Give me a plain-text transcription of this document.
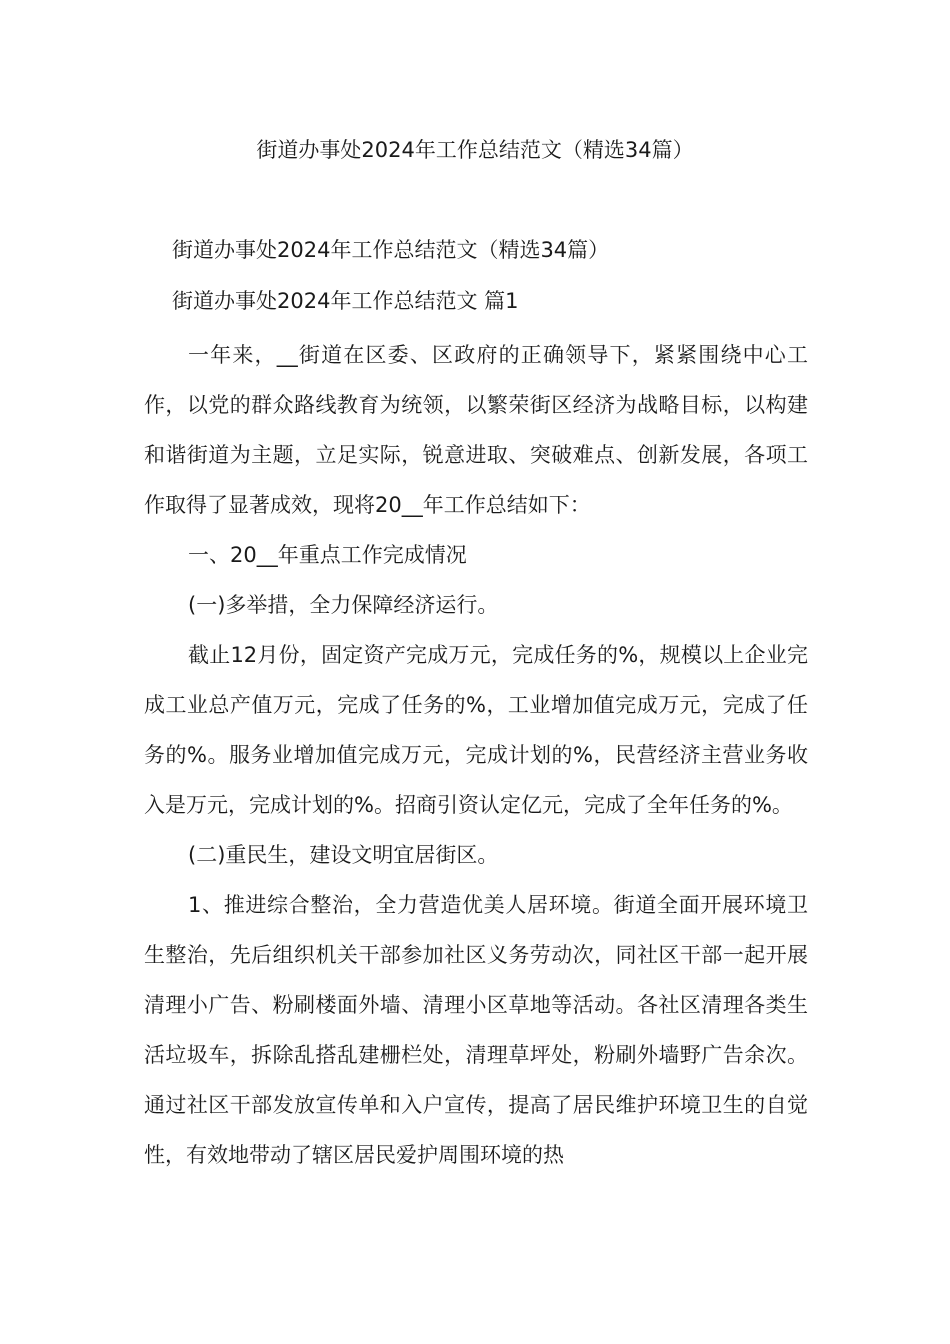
街道办事处2024年工作总结范文（精选34篇）
街道办事处2024年工作总结范文（精选34篇）
街道办事处2024年工作总结范文 篇1

一年来，__街道在区委、区政府的正确领导下，紧紧围绕中心工作，以党的群众路线教育为统领，以繁荣街区经济为战略目标，以构建和谐街道为主题，立足实际，锐意进取、突破难点、创新发展，各项工作取得了显著成效，现将20__年工作总结如下：

一、20__年重点工作完成情况

(一)多举措，全力保障经济运行。

截止12月份，固定资产完成万元，完成任务的%，规模以上企业完成工业总产值万元，完成了任务的%，工业增加值完成万元，完成了任务的%。服务业增加值完成万元，完成计划的%，民营经济主营业务收入是万元，完成计划的%。招商引资认定亿元，完成了全年任务的%。

(二)重民生，建设文明宜居街区。

1、推进综合整治，全力营造优美人居环境。街道全面开展环境卫生整治，先后组织机关干部参加社区义务劳动次，同社区干部一起开展清理小广告、粉刷楼面外墙、清理小区草地等活动。各社区清理各类生活垃圾车，拆除乱搭乱建栅栏处，清理草坪处，粉刷外墙野广告余次。通过社区干部发放宣传单和入户宣传，提高了居民维护环境卫生的自觉性，有效地带动了辖区居民爱护周围环境的热
